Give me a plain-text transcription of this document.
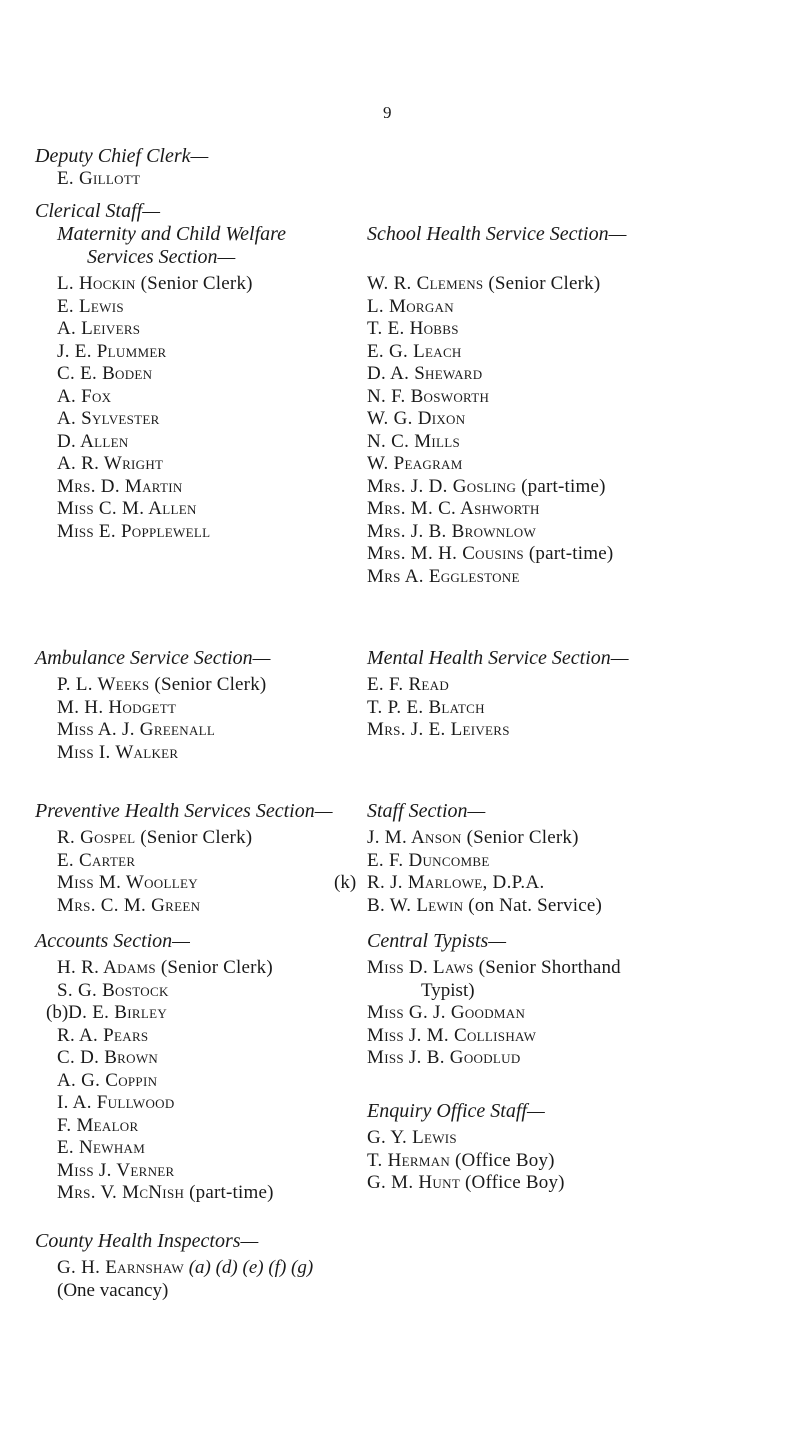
9
Deputy Chief Clerk—
E. Gillott
Clerical Staff—
Maternity and Child Welfare
Services Section—
L. Hockin (Senior Clerk)
E. Lewis
A. Leivers
J. E. Plummer
C. E. Boden
A. Fox
A. Sylvester
D. Allen
A. R. Wright
Mrs. D. Martin
Miss C. M. Allen
Miss E. Popplewell
School Health Service Section—
W. R. Clemens (Senior Clerk)
L. Morgan
T. E. Hobbs
E. G. Leach
D. A. Sheward
N. F. Bosworth
W. G. Dixon
N. C. Mills
W. Peagram
Mrs. J. D. Gosling (part-time)
Mrs. M. C. Ashworth
Mrs. J. B. Brownlow
Mrs. M. H. Cousins (part-time)
Mrs A. Egglestone
Ambulance Service Section—
P. L. Weeks (Senior Clerk)
M. H. Hodgett
Miss A. J. Greenall
Miss I. Walker
Mental Health Service Section—
E. F. Read
T. P. E. Blatch
Mrs. J. E. Leivers
Preventive Health Services Section—
R. Gospel (Senior Clerk)
E. Carter
Miss M. Woolley
Mrs. C. M. Green
Staff Section—
J. M. Anson (Senior Clerk)
E. F. Duncombe
(k) R. J. Marlowe, D.P.A.
B. W. Lewin (on Nat. Service)
Accounts Section—
H. R. Adams (Senior Clerk)
S. G. Bostock
(b)D. E. Birley
R. A. Pears
C. D. Brown
A. G. Coppin
I. A. Fullwood
F. Mealor
E. Newham
Miss J. Verner
Mrs. V. McNish (part-time)
Central Typists—
Miss D. Laws (Senior Shorthand
Typist)
Miss G. J. Goodman
Miss J. M. Collishaw
Miss J. B. Goodlud
Enquiry Office Staff—
G. Y. Lewis
T. Herman (Office Boy)
G. M. Hunt (Office Boy)
County Health Inspectors—
G. H. Earnshaw (a) (d) (e) (f) (g)
(One vacancy)
